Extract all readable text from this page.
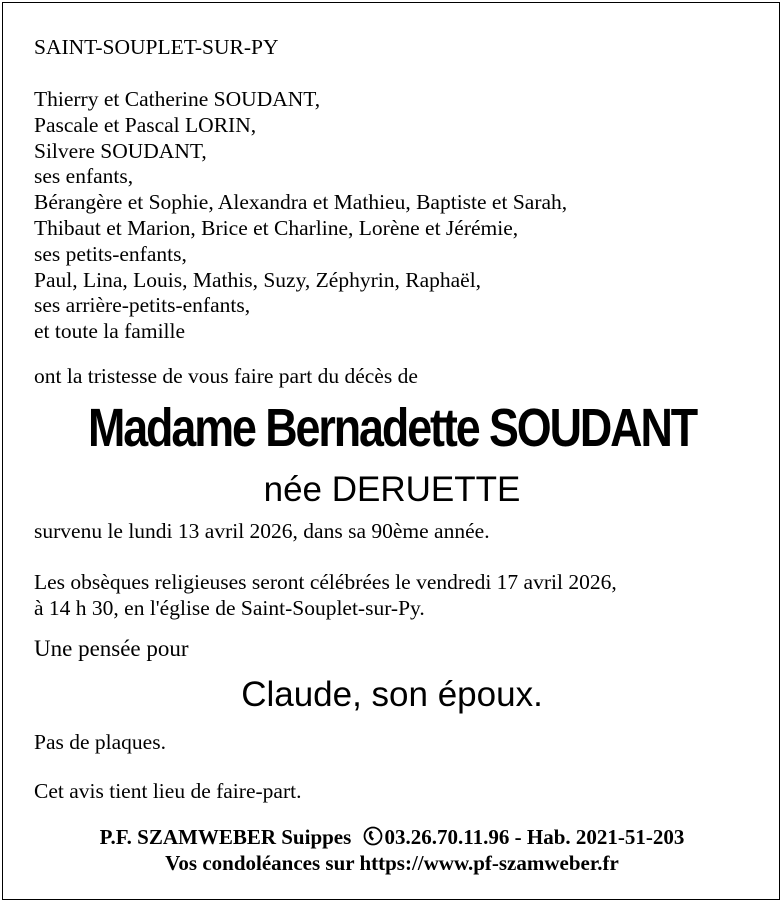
SAINT-SOUPLET-SUR-PY
Thierry et Catherine SOUDANT,
Pascale et Pascal LORIN,
Silvere SOUDANT,
ses enfants,
Bérangère et Sophie, Alexandra et Mathieu, Baptiste et Sarah,
Thibaut et Marion, Brice et Charline, Lorène et Jérémie,
ses petits-enfants,
Paul, Lina, Louis, Mathis, Suzy, Zéphyrin, Raphaël,
ses arrière-petits-enfants,
et toute la famille
ont la tristesse de vous faire part du décès de
Madame Bernadette SOUDANT
née DERUETTE
survenu le lundi 13 avril 2026, dans sa 90ème année.
Les obsèques religieuses seront célébrées le vendredi 17 avril 2026,
à 14 h 30, en l'église de Saint-Souplet-sur-Py.
Une pensée pour
Claude, son époux.
Pas de plaques.
Cet avis tient lieu de faire-part.
P.F. SZAMWEBER Suippes 03.26.70.11.96 - Hab. 2021-51-203
Vos condoléances sur https://www.pf-szamweber.fr
